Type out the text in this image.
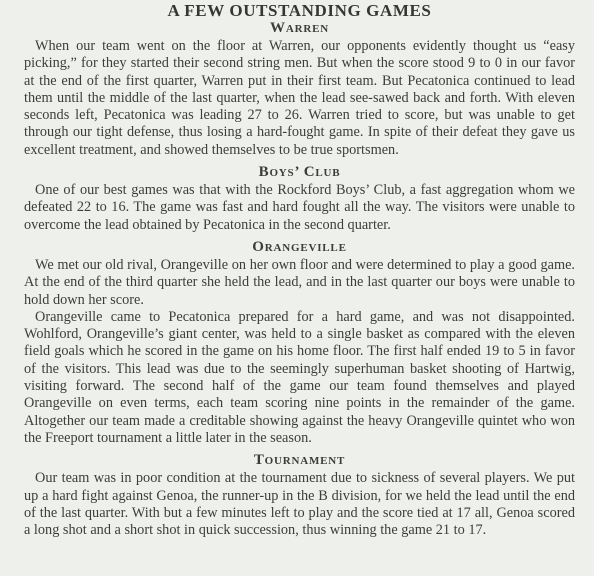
A FEW OUTSTANDING GAMES
Warren

When our team went on the floor at Warren, our opponents evidently thought us “easy picking,” for they started their second string men. But when the score stood 9 to 0 in our favor at the end of the first quarter, Warren put in their first team. But Pecatonica continued to lead them until the middle of the last quarter, when the lead see-sawed back and forth. With eleven seconds left, Pecatonica was leading 27 to 26. Warren tried to score, but was unable to get through our tight defense, thus losing a hard-fought game. In spite of their defeat they gave us excellent treatment, and showed themselves to be true sportsmen.

Boys’ Club

One of our best games was that with the Rockford Boys’ Club, a fast aggregation whom we defeated 22 to 16. The game was fast and hard fought all the way. The visitors were unable to overcome the lead obtained by Pecatonica in the second quarter.

Orangeville

We met our old rival, Orangeville on her own floor and were determined to play a good game. At the end of the third quarter she held the lead, and in the last quarter our boys were unable to hold down her score.

Orangeville came to Pecatonica prepared for a hard game, and was not disappointed. Wohlford, Orangeville’s giant center, was held to a single basket as compared with the eleven field goals which he scored in the game on his home floor. The first half ended 19 to 5 in favor of the visitors. This lead was due to the seemingly superhuman basket shooting of Hartwig, visiting forward. The second half of the game our team found themselves and played Orangeville on even terms, each team scoring nine points in the remainder of the game. Altogether our team made a creditable showing against the heavy Orangeville quintet who won the Freeport tournament a little later in the season.

Tournament

Our team was in poor condition at the tournament due to sickness of several players. We put up a hard fight against Genoa, the runner-up in the B division, for we held the lead until the end of the last quarter. With but a few minutes left to play and the score tied at 17 all, Genoa scored a long shot and a short shot in quick succession, thus winning the game 21 to 17.
